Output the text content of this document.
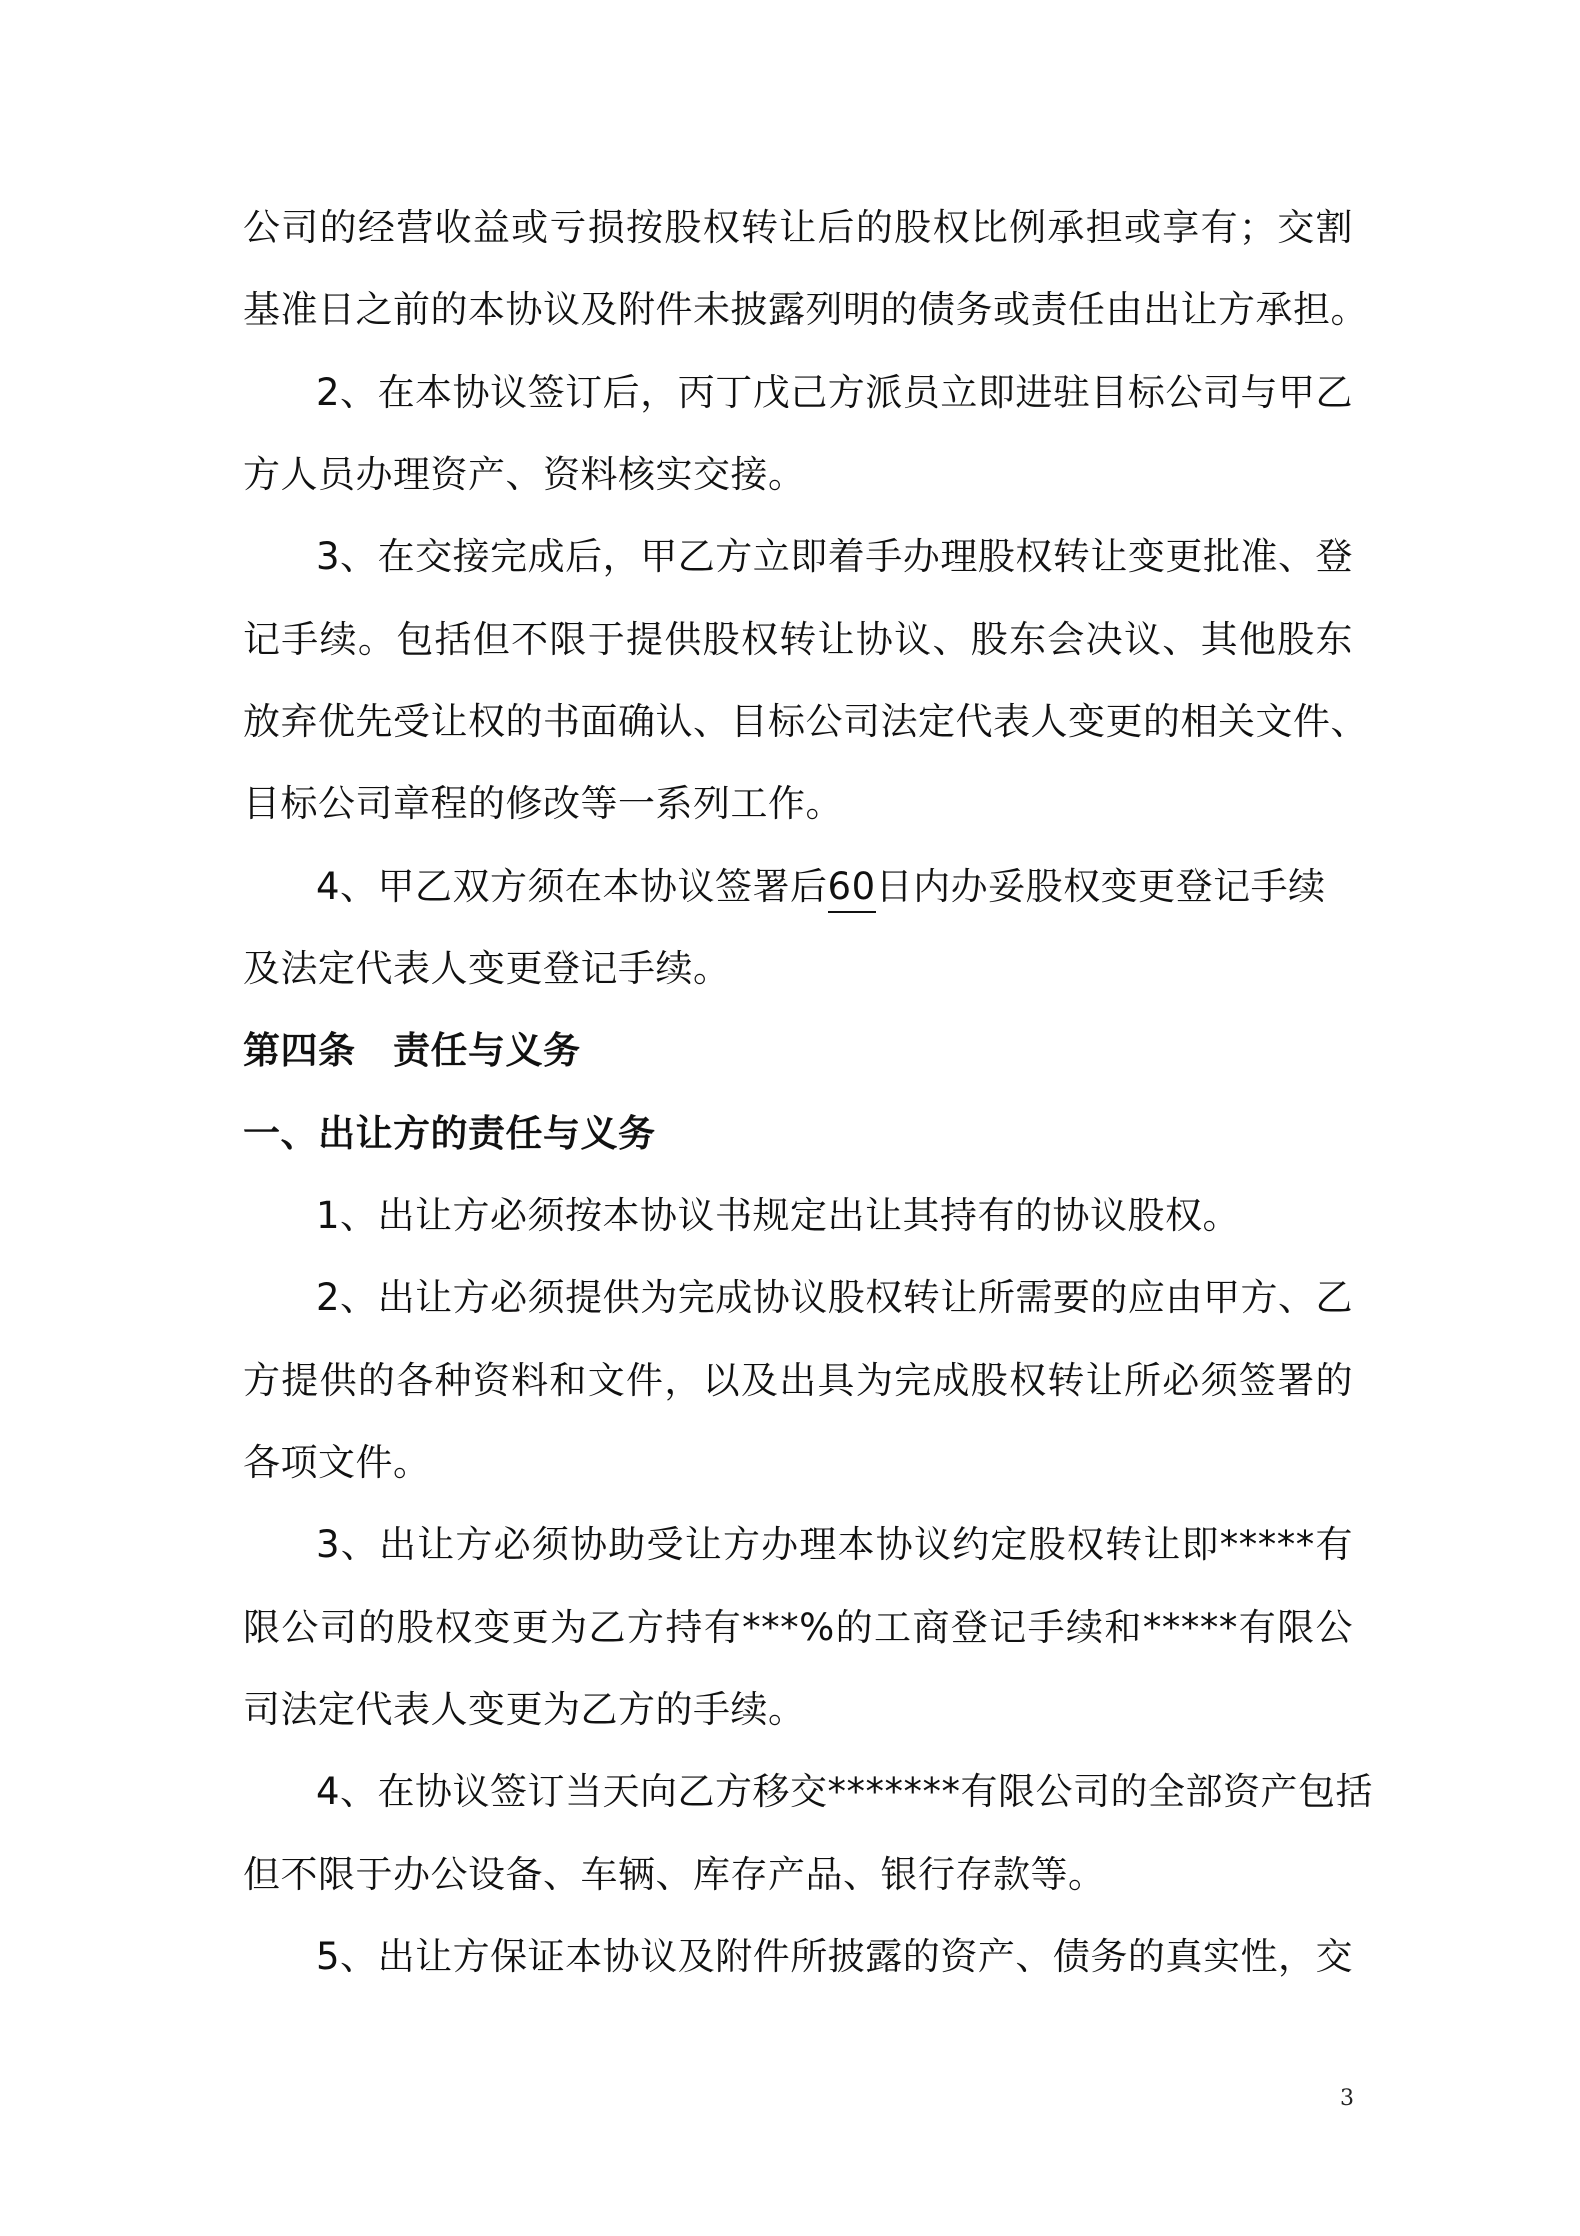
公司的经营收益或亏损按股权转让后的股权比例承担或享有；交割
基准日之前的本协议及附件未披露列明的债务或责任由出让方承担。
2、在本协议签订后，丙丁戊己方派员立即进驻目标公司与甲乙
方人员办理资产、资料核实交接。
3、在交接完成后，甲乙方立即着手办理股权转让变更批准、登
记手续。包括但不限于提供股权转让协议、股东会决议、其他股东
放弃优先受让权的书面确认、目标公司法定代表人变更的相关文件、
目标公司章程的修改等一系列工作。
4、甲乙双方须在本协议签署后60日内办妥股权变更登记手续
及法定代表人变更登记手续。
第四条　责任与义务
一、出让方的责任与义务
1、出让方必须按本协议书规定出让其持有的协议股权。
2、出让方必须提供为完成协议股权转让所需要的应由甲方、乙
方提供的各种资料和文件，以及出具为完成股权转让所必须签署的
各项文件。
3、出让方必须协助受让方办理本协议约定股权转让即*****有
限公司的股权变更为乙方持有***%的工商登记手续和*****有限公
司法定代表人变更为乙方的手续。
4、在协议签订当天向乙方移交*******有限公司的全部资产包括
但不限于办公设备、车辆、库存产品、银行存款等。
5、出让方保证本协议及附件所披露的资产、债务的真实性，交
3
